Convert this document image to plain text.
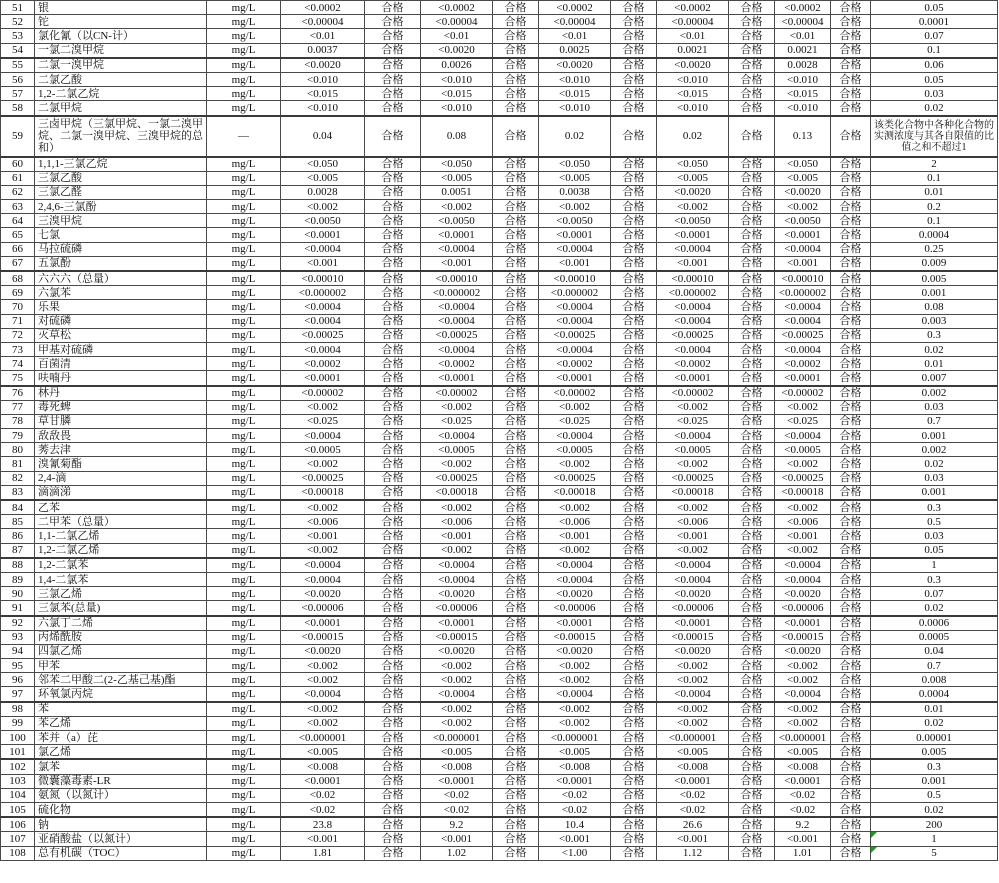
51	银	mg/L	<0.0002	合格	<0.0002	合格	<0.0002	合格	<0.0002	合格	<0.0002	合格	0.05
52	铊	mg/L	<0.00004	合格	<0.00004	合格	<0.00004	合格	<0.00004	合格	<0.00004	合格	0.0001
53	氯化氰（以CN-计）	mg/L	<0.01	合格	<0.01	合格	<0.01	合格	<0.01	合格	<0.01	合格	0.07
54	一氯二溴甲烷	mg/L	0.0037	合格	<0.0020	合格	0.0025	合格	0.0021	合格	0.0021	合格	0.1
55	二氯一溴甲烷	mg/L	<0.0020	合格	0.0026	合格	<0.0020	合格	<0.0020	合格	0.0028	合格	0.06
56	二氯乙酸	mg/L	<0.010	合格	<0.010	合格	<0.010	合格	<0.010	合格	<0.010	合格	0.05
57	1,2-二氯乙烷	mg/L	<0.015	合格	<0.015	合格	<0.015	合格	<0.015	合格	<0.015	合格	0.03
58	二氯甲烷	mg/L	<0.010	合格	<0.010	合格	<0.010	合格	<0.010	合格	<0.010	合格	0.02
59	三卤甲烷（三氯甲烷、一氯二溴甲烷、二氯一溴甲烷、三溴甲烷的总和）	—	0.04	合格	0.08	合格	0.02	合格	0.02	合格	0.13	合格	该类化合物中各种化合物的实测浓度与其各自限值的比值之和不超过1
60	1,1,1-三氯乙烷	mg/L	<0.050	合格	<0.050	合格	<0.050	合格	<0.050	合格	<0.050	合格	2
61	三氯乙酸	mg/L	<0.005	合格	<0.005	合格	<0.005	合格	<0.005	合格	<0.005	合格	0.1
62	三氯乙醛	mg/L	0.0028	合格	0.0051	合格	0.0038	合格	<0.0020	合格	<0.0020	合格	0.01
63	2,4,6-三氯酚	mg/L	<0.002	合格	<0.002	合格	<0.002	合格	<0.002	合格	<0.002	合格	0.2
64	三溴甲烷	mg/L	<0.0050	合格	<0.0050	合格	<0.0050	合格	<0.0050	合格	<0.0050	合格	0.1
65	七氯	mg/L	<0.0001	合格	<0.0001	合格	<0.0001	合格	<0.0001	合格	<0.0001	合格	0.0004
66	马拉硫磷	mg/L	<0.0004	合格	<0.0004	合格	<0.0004	合格	<0.0004	合格	<0.0004	合格	0.25
67	五氯酚	mg/L	<0.001	合格	<0.001	合格	<0.001	合格	<0.001	合格	<0.001	合格	0.009
68	六六六（总量）	mg/L	<0.00010	合格	<0.00010	合格	<0.00010	合格	<0.00010	合格	<0.00010	合格	0.005
69	六氯苯	mg/L	<0.000002	合格	<0.000002	合格	<0.000002	合格	<0.000002	合格	<0.000002	合格	0.001
70	乐果	mg/L	<0.0004	合格	<0.0004	合格	<0.0004	合格	<0.0004	合格	<0.0004	合格	0.08
71	对硫磷	mg/L	<0.0004	合格	<0.0004	合格	<0.0004	合格	<0.0004	合格	<0.0004	合格	0.003
72	灭草松	mg/L	<0.00025	合格	<0.00025	合格	<0.00025	合格	<0.00025	合格	<0.00025	合格	0.3
73	甲基对硫磷	mg/L	<0.0004	合格	<0.0004	合格	<0.0004	合格	<0.0004	合格	<0.0004	合格	0.02
74	百菌清	mg/L	<0.0002	合格	<0.0002	合格	<0.0002	合格	<0.0002	合格	<0.0002	合格	0.01
75	呋喃丹	mg/L	<0.0001	合格	<0.0001	合格	<0.0001	合格	<0.0001	合格	<0.0001	合格	0.007
76	林丹	mg/L	<0.00002	合格	<0.00002	合格	<0.00002	合格	<0.00002	合格	<0.00002	合格	0.002
77	毒死蜱	mg/L	<0.002	合格	<0.002	合格	<0.002	合格	<0.002	合格	<0.002	合格	0.03
78	草甘膦	mg/L	<0.025	合格	<0.025	合格	<0.025	合格	<0.025	合格	<0.025	合格	0.7
79	敌敌畏	mg/L	<0.0004	合格	<0.0004	合格	<0.0004	合格	<0.0004	合格	<0.0004	合格	0.001
80	莠去津	mg/L	<0.0005	合格	<0.0005	合格	<0.0005	合格	<0.0005	合格	<0.0005	合格	0.002
81	溴氰菊酯	mg/L	<0.002	合格	<0.002	合格	<0.002	合格	<0.002	合格	<0.002	合格	0.02
82	2,4-滴	mg/L	<0.00025	合格	<0.00025	合格	<0.00025	合格	<0.00025	合格	<0.00025	合格	0.03
83	滴滴涕	mg/L	<0.00018	合格	<0.00018	合格	<0.00018	合格	<0.00018	合格	<0.00018	合格	0.001
84	乙苯	mg/L	<0.002	合格	<0.002	合格	<0.002	合格	<0.002	合格	<0.002	合格	0.3
85	二甲苯（总量）	mg/L	<0.006	合格	<0.006	合格	<0.006	合格	<0.006	合格	<0.006	合格	0.5
86	1,1-二氯乙烯	mg/L	<0.001	合格	<0.001	合格	<0.001	合格	<0.001	合格	<0.001	合格	0.03
87	1,2-二氯乙烯	mg/L	<0.002	合格	<0.002	合格	<0.002	合格	<0.002	合格	<0.002	合格	0.05
88	1,2-二氯苯	mg/L	<0.0004	合格	<0.0004	合格	<0.0004	合格	<0.0004	合格	<0.0004	合格	1
89	1,4-二氯苯	mg/L	<0.0004	合格	<0.0004	合格	<0.0004	合格	<0.0004	合格	<0.0004	合格	0.3
90	三氯乙烯	mg/L	<0.0020	合格	<0.0020	合格	<0.0020	合格	<0.0020	合格	<0.0020	合格	0.07
91	三氯苯(总量)	mg/L	<0.00006	合格	<0.00006	合格	<0.00006	合格	<0.00006	合格	<0.00006	合格	0.02
92	六氯丁二烯	mg/L	<0.0001	合格	<0.0001	合格	<0.0001	合格	<0.0001	合格	<0.0001	合格	0.0006
93	丙烯酰胺	mg/L	<0.00015	合格	<0.00015	合格	<0.00015	合格	<0.00015	合格	<0.00015	合格	0.0005
94	四氯乙烯	mg/L	<0.0020	合格	<0.0020	合格	<0.0020	合格	<0.0020	合格	<0.0020	合格	0.04
95	甲苯	mg/L	<0.002	合格	<0.002	合格	<0.002	合格	<0.002	合格	<0.002	合格	0.7
96	邻苯二甲酸二(2-乙基己基)酯	mg/L	<0.002	合格	<0.002	合格	<0.002	合格	<0.002	合格	<0.002	合格	0.008
97	环氧氯丙烷	mg/L	<0.0004	合格	<0.0004	合格	<0.0004	合格	<0.0004	合格	<0.0004	合格	0.0004
98	苯	mg/L	<0.002	合格	<0.002	合格	<0.002	合格	<0.002	合格	<0.002	合格	0.01
99	苯乙烯	mg/L	<0.002	合格	<0.002	合格	<0.002	合格	<0.002	合格	<0.002	合格	0.02
100	苯并（a）芘	mg/L	<0.000001	合格	<0.000001	合格	<0.000001	合格	<0.000001	合格	<0.000001	合格	0.00001
101	氯乙烯	mg/L	<0.005	合格	<0.005	合格	<0.005	合格	<0.005	合格	<0.005	合格	0.005
102	氯苯	mg/L	<0.008	合格	<0.008	合格	<0.008	合格	<0.008	合格	<0.008	合格	0.3
103	微囊藻毒素-LR	mg/L	<0.0001	合格	<0.0001	合格	<0.0001	合格	<0.0001	合格	<0.0001	合格	0.001
104	氨氮（以氮计）	mg/L	<0.02	合格	<0.02	合格	<0.02	合格	<0.02	合格	<0.02	合格	0.5
105	硫化物	mg/L	<0.02	合格	<0.02	合格	<0.02	合格	<0.02	合格	<0.02	合格	0.02
106	钠	mg/L	23.8	合格	9.2	合格	10.4	合格	26.6	合格	9.2	合格	200
107	亚硝酸盐（以氮计）	mg/L	<0.001	合格	<0.001	合格	<0.001	合格	<0.001	合格	<0.001	合格	1

108	总有机碳（TOC）	mg/L	1.81	合格	1.02	合格	<1.00	合格	1.12	合格	1.01	合格	5
